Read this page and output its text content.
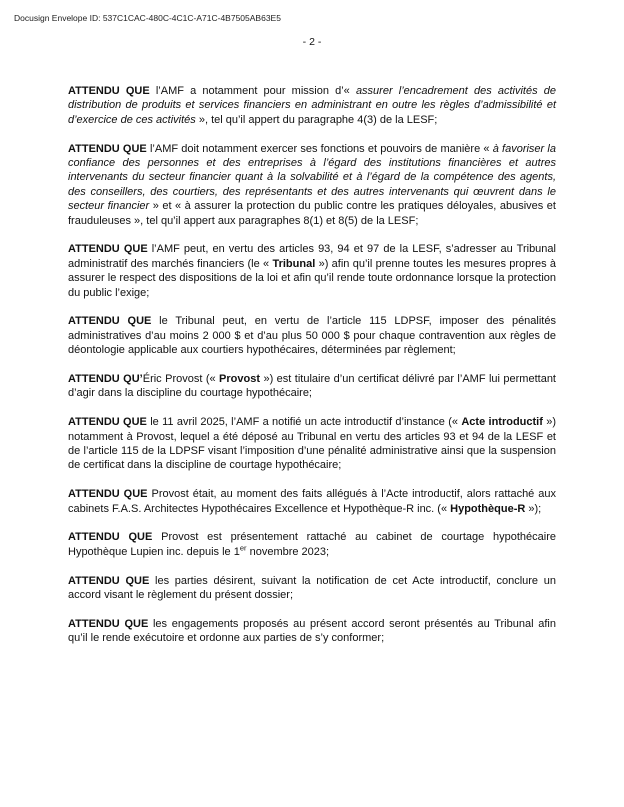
Docusign Envelope ID: 537C1CAC-480C-4C1C-A71C-4B7505AB63E5
- 2 -

ATTENDU QUE l’AMF a notamment pour mission d’« assurer l’encadrement des activités de distribution de produits et services financiers en administrant en outre les règles d’admissibilité et d’exercice de ces activités », tel qu’il appert du paragraphe 4(3) de la LESF;

ATTENDU QUE l’AMF doit notamment exercer ses fonctions et pouvoirs de manière « à favoriser la confiance des personnes et des entreprises à l’égard des institutions financières et autres intervenants du secteur financier quant à la solvabilité et à l’égard de la compétence des agents, des conseillers, des courtiers, des représentants et des autres intervenants qui œuvrent dans le secteur financier » et « à assurer la protection du public contre les pratiques déloyales, abusives et frauduleuses », tel qu’il appert aux paragraphes 8(1) et 8(5) de la LESF;

ATTENDU QUE l’AMF peut, en vertu des articles 93, 94 et 97 de la LESF, s’adresser au Tribunal administratif des marchés financiers (le « Tribunal ») afin qu’il prenne toutes les mesures propres à assurer le respect des dispositions de la loi et afin qu’il rende toute ordonnance lorsque la protection du public l’exige;

ATTENDU QUE le Tribunal peut, en vertu de l’article 115 LDPSF, imposer des pénalités administratives d’au moins 2 000 $ et d’au plus 50 000 $ pour chaque contravention aux règles de déontologie applicable aux courtiers hypothécaires, déterminées par règlement;

ATTENDU QU’Éric Provost (« Provost ») est titulaire d’un certificat délivré par l’AMF lui permettant d’agir dans la discipline du courtage hypothécaire;

ATTENDU QUE le 11 avril 2025, l’AMF a notifié un acte introductif d’instance (« Acte introductif ») notamment à Provost, lequel a été déposé au Tribunal en vertu des articles 93 et 94 de la LESF et de l’article 115 de la LDPSF visant l’imposition d’une pénalité administrative ainsi que la suspension de certificat dans la discipline de courtage hypothécaire;

ATTENDU QUE Provost était, au moment des faits allégués à l’Acte introductif, alors rattaché aux cabinets F.A.S. Architectes Hypothécaires Excellence et Hypothèque-R inc. (« Hypothèque-R »);

ATTENDU QUE Provost est présentement rattaché au cabinet de courtage hypothécaire Hypothèque Lupien inc. depuis le 1er novembre 2023;

ATTENDU QUE les parties désirent, suivant la notification de cet Acte introductif, conclure un accord visant le règlement du présent dossier;

ATTENDU QUE les engagements proposés au présent accord seront présentés au Tribunal afin qu’il le rende exécutoire et ordonne aux parties de s’y conformer;
